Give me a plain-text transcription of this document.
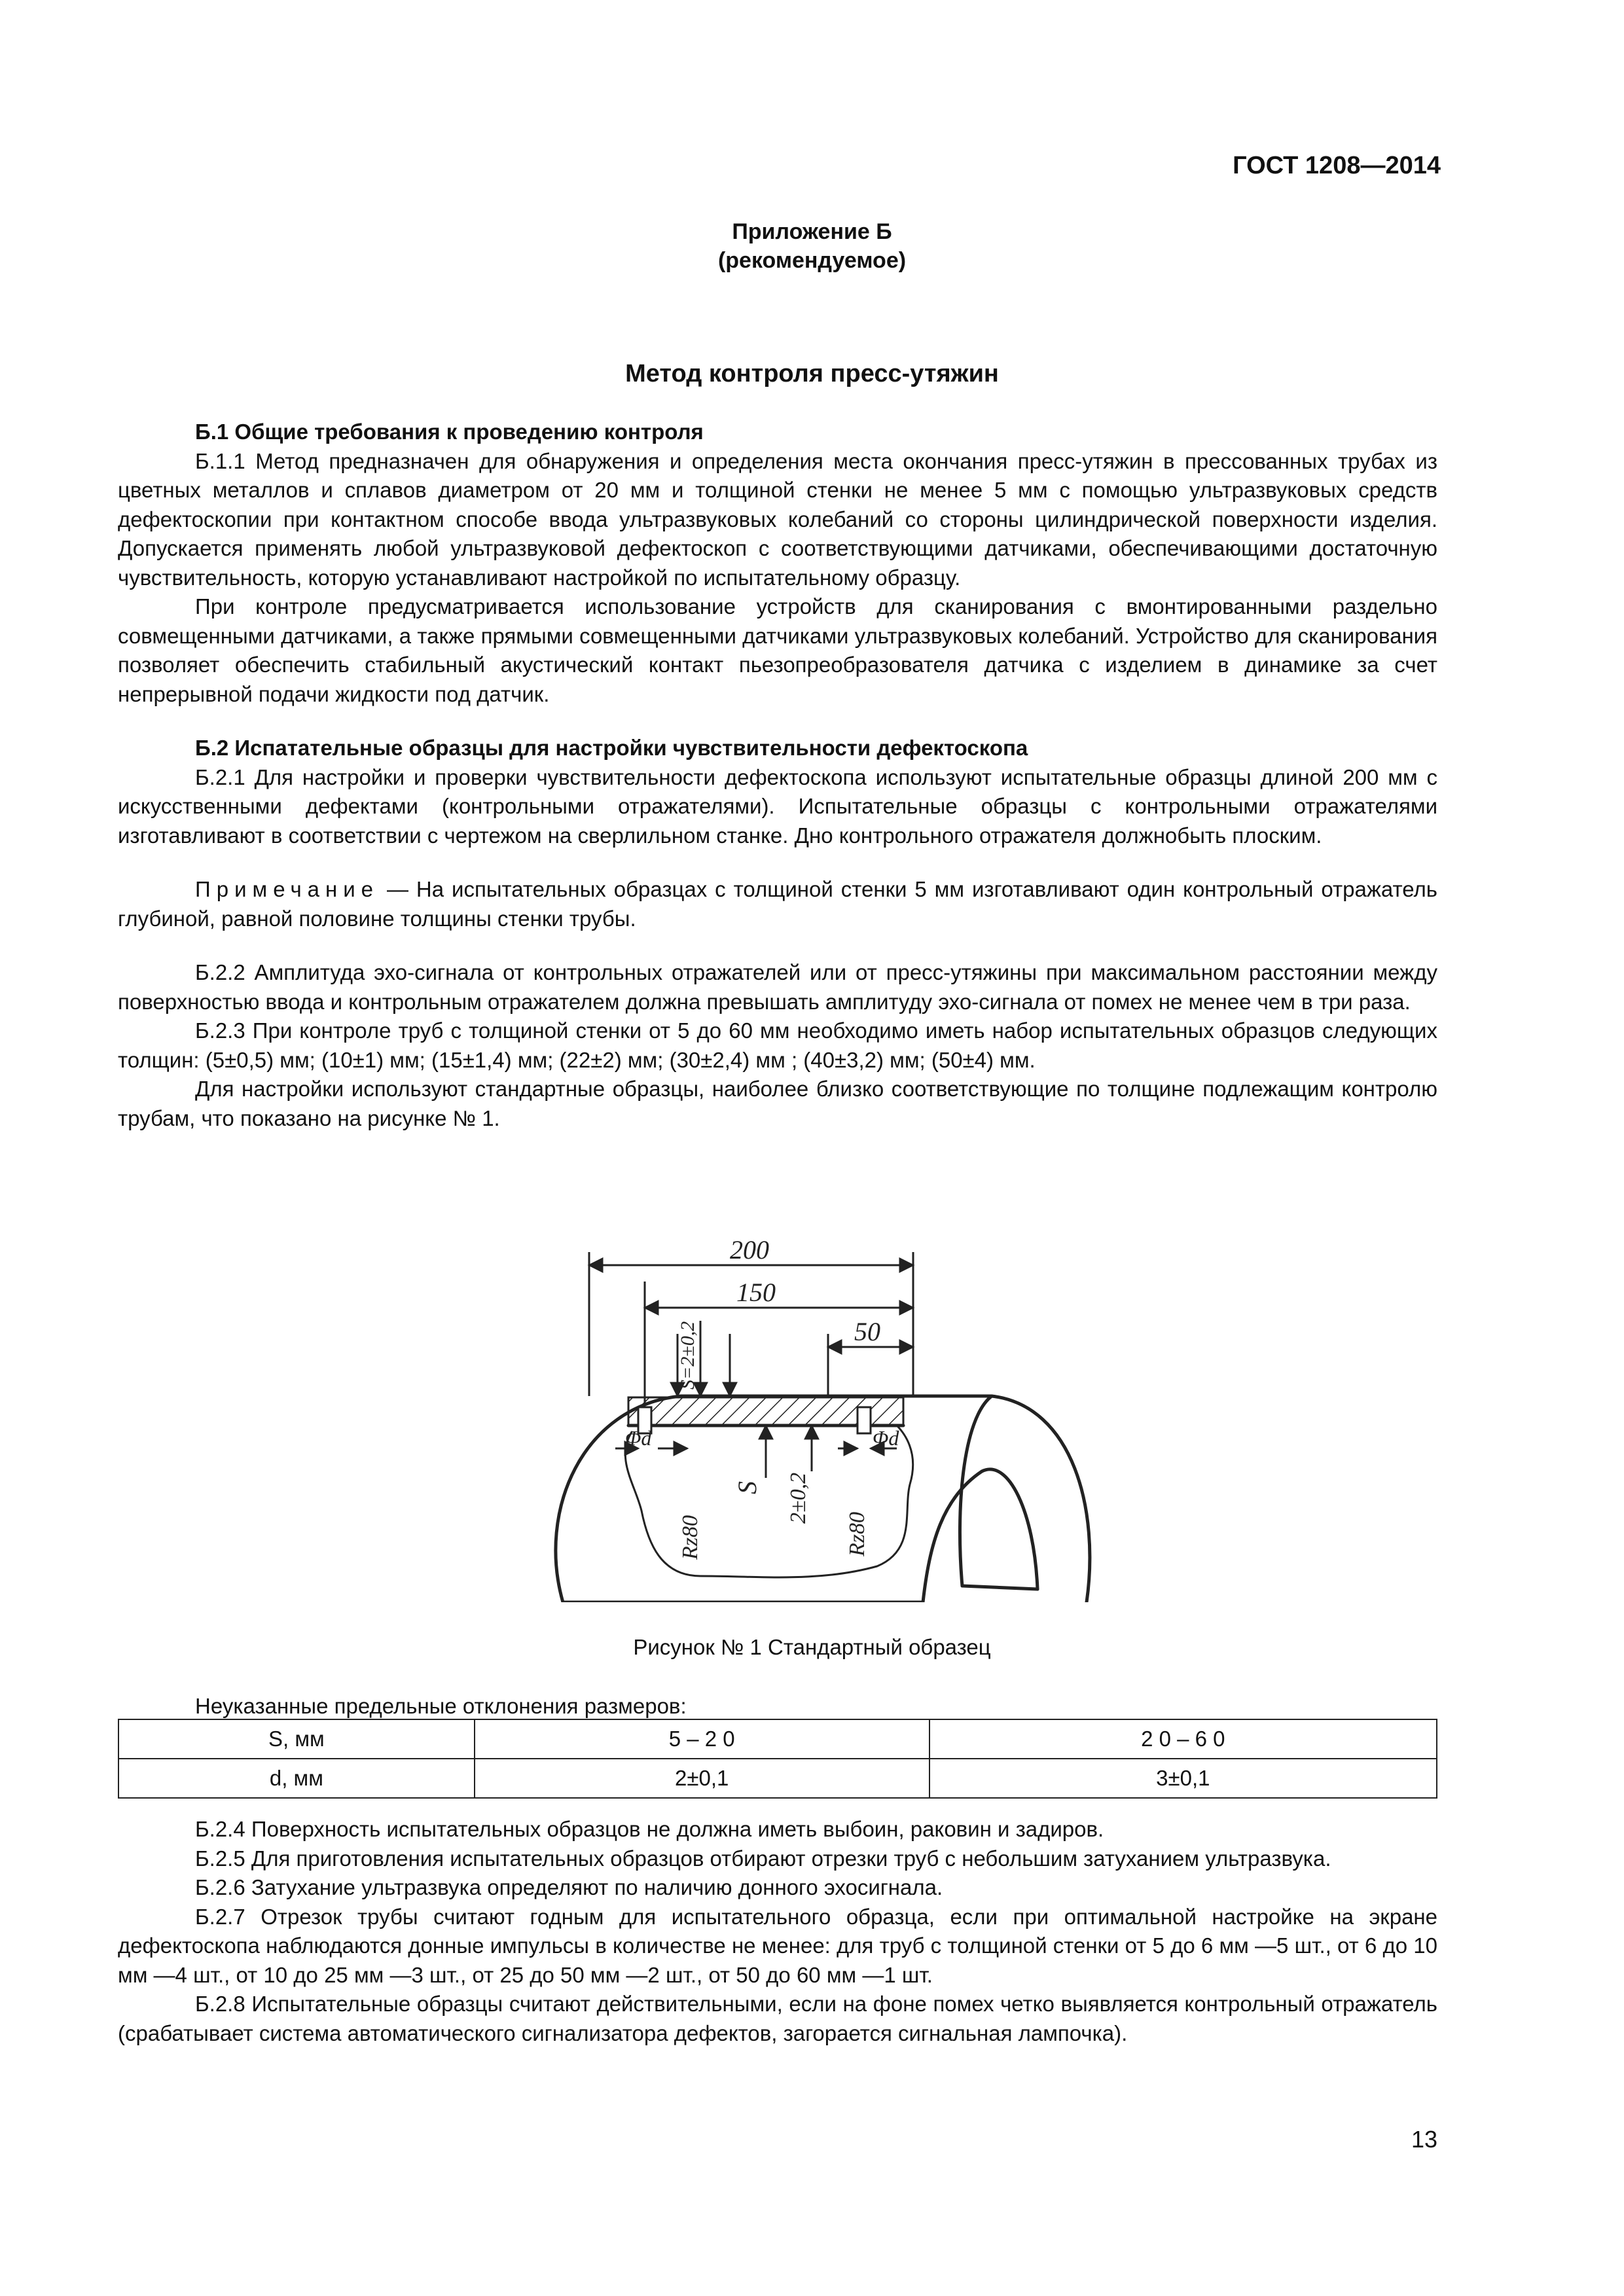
ГОСТ 1208—2014
Приложение Б
(рекомендуемое)
Метод контроля пресс-утяжин

Б.1 Общие требования к проведению контроля

Б.1.1 Метод предназначен для обнаружения и определения места окончания пресс-утяжин в прессованных трубах из цветных металлов и сплавов диаметром от 20 мм и толщиной стенки не менее 5 мм с помощью ультразвуковых средств дефектоскопии при контактном способе ввода ультразвуковых колебаний со стороны цилиндрической поверхности изделия. Допускается применять любой ультразвуковой дефектоскоп с соответствующими датчиками, обеспечивающими достаточную чувствительность, которую устанавливают настройкой по испытательному образцу.

При контроле предусматривается использование устройств для сканирования с вмонтированными раздельно совмещенными датчиками, а также прямыми совмещенными датчиками ультразвуковых колебаний. Устройство для сканирования позволяет обеспечить стабильный акустический контакт пьезопреобразователя датчика с изделием в динамике за счет непрерывной подачи жидкости под датчик.

Б.2 Испатательные образцы для настройки чувствительности дефектоскопа

Б.2.1 Для настройки и проверки чувствительности дефектоскопа используют испытательные образцы длиной 200 мм с искусственными дефектами (контрольными отражателями). Испытательные образцы с контрольными отражателями изготавливают в соответствии с чертежом на сверлильном станке. Дно контрольного отражателя должнобыть плоским.

Примечание — На испытательных образцах с толщиной стенки 5 мм изготавливают один контрольный отражатель глубиной, равной половине толщины стенки трубы.

Б.2.2 Амплитуда эхо-сигнала от контрольных отражателей или от пресс-утяжины при максимальном расстоянии между поверхностью ввода и контрольным отражателем должна превышать амплитуду эхо-сигнала от помех не менее чем в три раза.

Б.2.3 При контроле труб с толщиной стенки от 5 до 60 мм необходимо иметь набор испытательных образцов следующих толщин: (5±0,5) мм; (10±1) мм; (15±1,4) мм; (22±2) мм; (30±2,4) мм ; (40±3,2) мм; (50±4) мм.

Для настройки используют стандартные образцы, наиболее близко соответствующие по толщине подлежащим контролю трубам, что показано на рисунке № 1.

200
150
50
S=2±0,2
Φd	Φd
S 2±0,2
Rz80	Rz80
Рисунок № 1 Стандартный образец
Неуказанные предельные отклонения размеров:
S, мм	5 – 2 0	2 0 – 6 0
d, мм	2±0,1	3±0,1

Б.2.4 Поверхность испытательных образцов не должна иметь выбоин, раковин и задиров.

Б.2.5 Для приготовления испытательных образцов отбирают отрезки труб с небольшим затуханием ультразвука.

Б.2.6 Затухание ультразвука определяют по наличию донного эхосигнала.

Б.2.7 Отрезок трубы считают годным для испытательного образца, если при оптимальной настройке на экране дефектоскопа наблюдаются донные импульсы в количестве не менее: для труб с толщиной стенки от 5 до 6 мм —5 шт., от 6 до 10 мм —4 шт., от 10 до 25 мм —3 шт., от 25 до 50 мм —2 шт., от 50 до 60 мм —1 шт.

Б.2.8 Испытательные образцы считают действительными, если на фоне помех четко выявляется контрольный отражатель (срабатывает система автоматического сигнализатора дефектов, загорается сигнальная лампочка).

13
